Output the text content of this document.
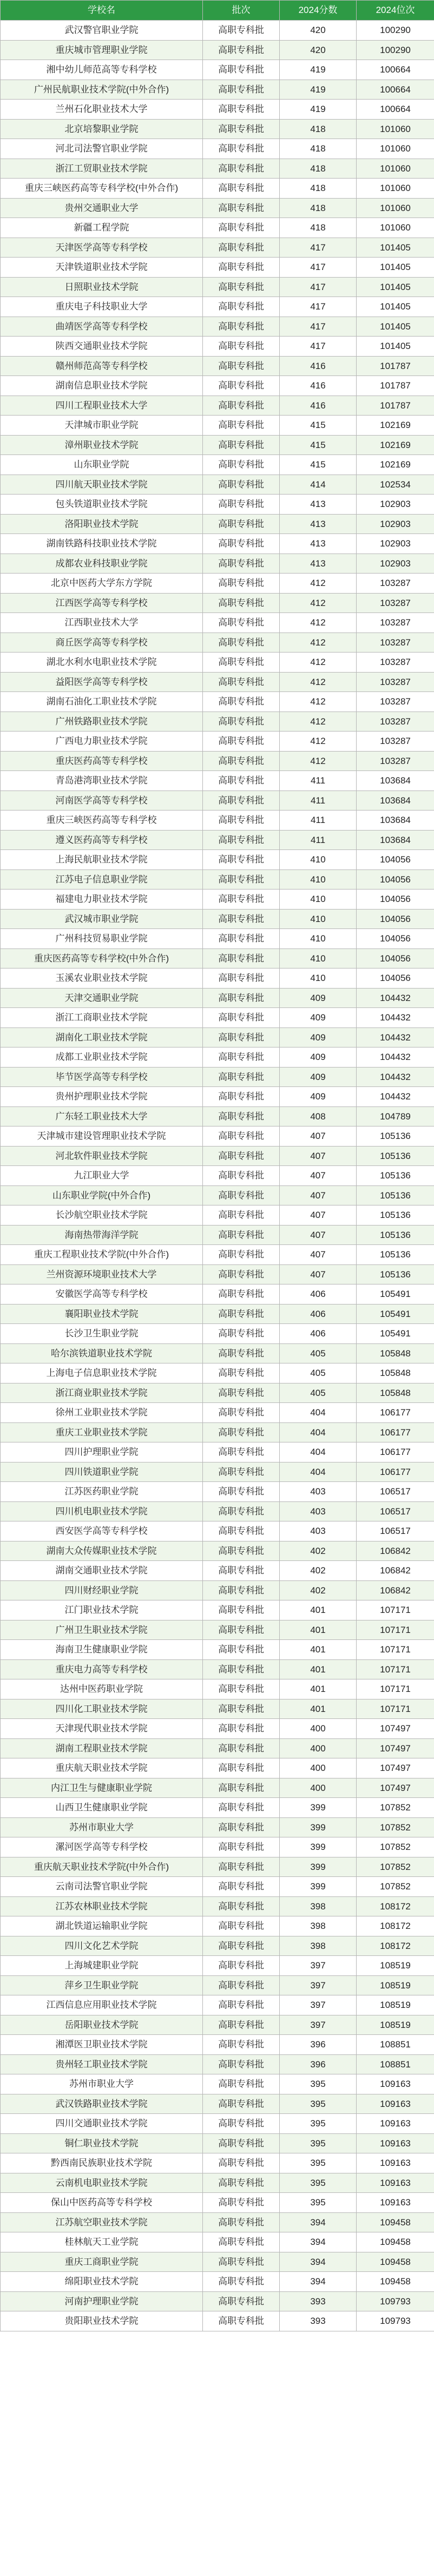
学校名	批次	2024分数	2024位次
武汉警官职业学院	高职专科批	420	100290
重庆城市管理职业学院	高职专科批	420	100290
湘中幼儿师范高等专科学校	高职专科批	419	100664
广州民航职业技术学院(中外合作)	高职专科批	419	100664
兰州石化职业技术大学	高职专科批	419	100664
北京培黎职业学院	高职专科批	418	101060
河北司法警官职业学院	高职专科批	418	101060
浙江工贸职业技术学院	高职专科批	418	101060
重庆三峡医药高等专科学校(中外合作)	高职专科批	418	101060
贵州交通职业大学	高职专科批	418	101060
新疆工程学院	高职专科批	418	101060
天津医学高等专科学校	高职专科批	417	101405
天津铁道职业技术学院	高职专科批	417	101405
日照职业技术学院	高职专科批	417	101405
重庆电子科技职业大学	高职专科批	417	101405
曲靖医学高等专科学校	高职专科批	417	101405
陕西交通职业技术学院	高职专科批	417	101405
赣州师范高等专科学校	高职专科批	416	101787
湖南信息职业技术学院	高职专科批	416	101787
四川工程职业技术大学	高职专科批	416	101787
天津城市职业学院	高职专科批	415	102169
漳州职业技术学院	高职专科批	415	102169
山东职业学院	高职专科批	415	102169
四川航天职业技术学院	高职专科批	414	102534
包头铁道职业技术学院	高职专科批	413	102903
洛阳职业技术学院	高职专科批	413	102903
湖南铁路科技职业技术学院	高职专科批	413	102903
成都农业科技职业学院	高职专科批	413	102903
北京中医药大学东方学院	高职专科批	412	103287
江西医学高等专科学校	高职专科批	412	103287
江西职业技术大学	高职专科批	412	103287
商丘医学高等专科学校	高职专科批	412	103287
湖北水利水电职业技术学院	高职专科批	412	103287
益阳医学高等专科学校	高职专科批	412	103287
湖南石油化工职业技术学院	高职专科批	412	103287
广州铁路职业技术学院	高职专科批	412	103287
广西电力职业技术学院	高职专科批	412	103287
重庆医药高等专科学校	高职专科批	412	103287
青岛港湾职业技术学院	高职专科批	411	103684
河南医学高等专科学校	高职专科批	411	103684
重庆三峡医药高等专科学校	高职专科批	411	103684
遵义医药高等专科学校	高职专科批	411	103684
上海民航职业技术学院	高职专科批	410	104056
江苏电子信息职业学院	高职专科批	410	104056
福建电力职业技术学院	高职专科批	410	104056
武汉城市职业学院	高职专科批	410	104056
广州科技贸易职业学院	高职专科批	410	104056
重庆医药高等专科学校(中外合作)	高职专科批	410	104056
玉溪农业职业技术学院	高职专科批	410	104056
天津交通职业学院	高职专科批	409	104432
浙江工商职业技术学院	高职专科批	409	104432
湖南化工职业技术学院	高职专科批	409	104432
成都工业职业技术学院	高职专科批	409	104432
毕节医学高等专科学校	高职专科批	409	104432
贵州护理职业技术学院	高职专科批	409	104432
广东轻工职业技术大学	高职专科批	408	104789
天津城市建设管理职业技术学院	高职专科批	407	105136
河北软件职业技术学院	高职专科批	407	105136
九江职业大学	高职专科批	407	105136
山东职业学院(中外合作)	高职专科批	407	105136
长沙航空职业技术学院	高职专科批	407	105136
海南热带海洋学院	高职专科批	407	105136
重庆工程职业技术学院(中外合作)	高职专科批	407	105136
兰州资源环境职业技术大学	高职专科批	407	105136
安徽医学高等专科学校	高职专科批	406	105491
襄阳职业技术学院	高职专科批	406	105491
长沙卫生职业学院	高职专科批	406	105491
哈尔滨铁道职业技术学院	高职专科批	405	105848
上海电子信息职业技术学院	高职专科批	405	105848
浙江商业职业技术学院	高职专科批	405	105848
徐州工业职业技术学院	高职专科批	404	106177
重庆工业职业技术学院	高职专科批	404	106177
四川护理职业学院	高职专科批	404	106177
四川铁道职业学院	高职专科批	404	106177
江苏医药职业学院	高职专科批	403	106517
四川机电职业技术学院	高职专科批	403	106517
西安医学高等专科学校	高职专科批	403	106517
湖南大众传媒职业技术学院	高职专科批	402	106842
湖南交通职业技术学院	高职专科批	402	106842
四川财经职业学院	高职专科批	402	106842
江门职业技术学院	高职专科批	401	107171
广州卫生职业技术学院	高职专科批	401	107171
海南卫生健康职业学院	高职专科批	401	107171
重庆电力高等专科学校	高职专科批	401	107171
达州中医药职业学院	高职专科批	401	107171
四川化工职业技术学院	高职专科批	401	107171
天津现代职业技术学院	高职专科批	400	107497
湖南工程职业技术学院	高职专科批	400	107497
重庆航天职业技术学院	高职专科批	400	107497
内江卫生与健康职业学院	高职专科批	400	107497
山西卫生健康职业学院	高职专科批	399	107852
苏州市职业大学	高职专科批	399	107852
漯河医学高等专科学校	高职专科批	399	107852
重庆航天职业技术学院(中外合作)	高职专科批	399	107852
云南司法警官职业学院	高职专科批	399	107852
江苏农林职业技术学院	高职专科批	398	108172
湖北铁道运输职业学院	高职专科批	398	108172
四川文化艺术学院	高职专科批	398	108172
上海城建职业学院	高职专科批	397	108519
萍乡卫生职业学院	高职专科批	397	108519
江西信息应用职业技术学院	高职专科批	397	108519
岳阳职业技术学院	高职专科批	397	108519
湘潭医卫职业技术学院	高职专科批	396	108851
贵州轻工职业技术学院	高职专科批	396	108851
苏州市职业大学	高职专科批	395	109163
武汉铁路职业技术学院	高职专科批	395	109163
四川交通职业技术学院	高职专科批	395	109163
铜仁职业技术学院	高职专科批	395	109163
黔西南民族职业技术学院	高职专科批	395	109163
云南机电职业技术学院	高职专科批	395	109163
保山中医药高等专科学校	高职专科批	395	109163
江苏航空职业技术学院	高职专科批	394	109458
桂林航天工业学院	高职专科批	394	109458
重庆工商职业学院	高职专科批	394	109458
绵阳职业技术学院	高职专科批	394	109458
河南护理职业学院	高职专科批	393	109793
贵阳职业技术学院	高职专科批	393	109793
